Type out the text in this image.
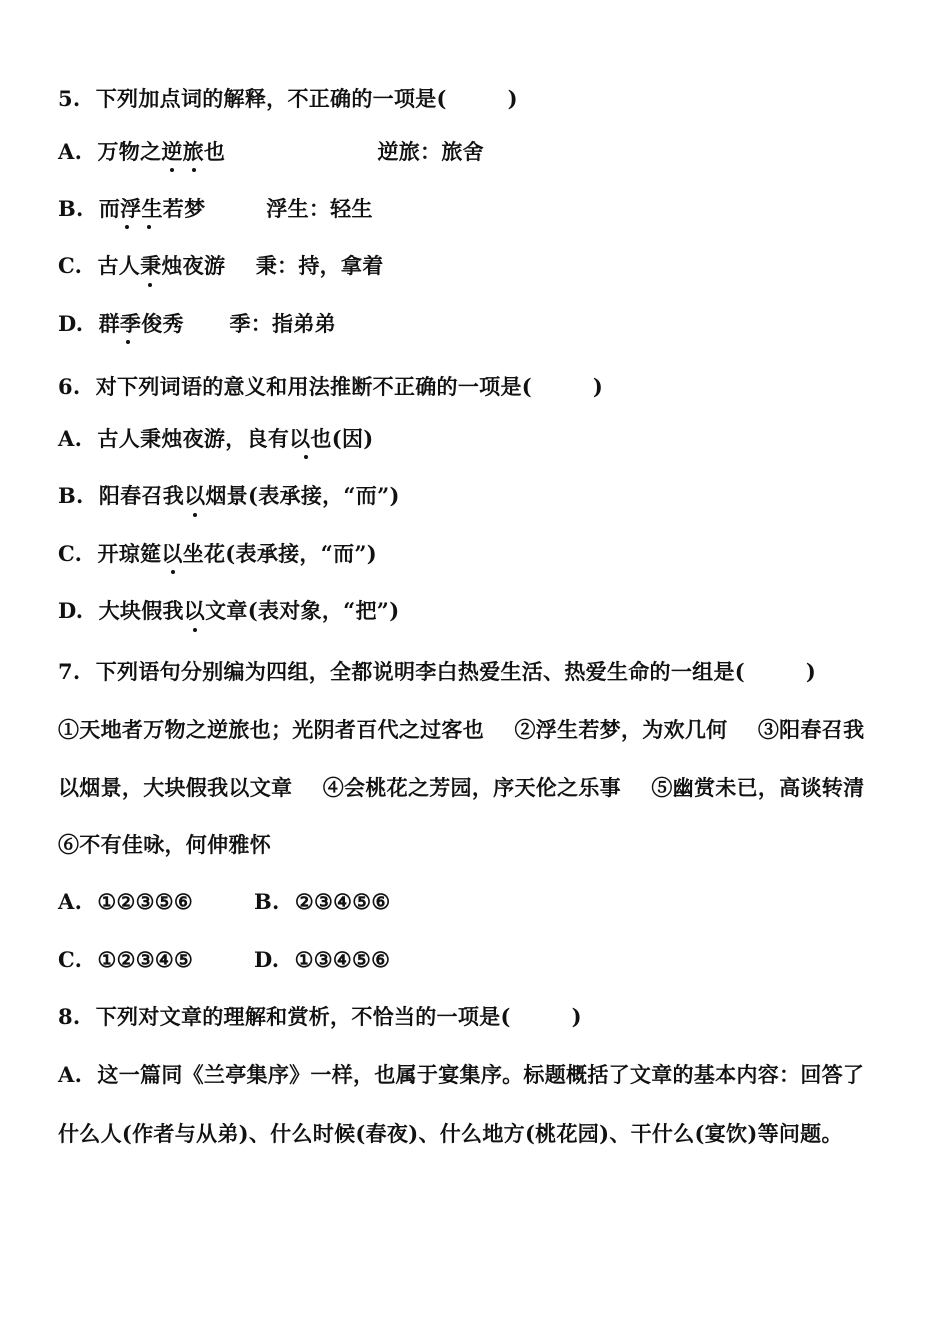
5.  下列加点词的解释，不正确的一项是(        )
A.  万物之逆旅也                    逆旅：旅舍
B.  而浮生若梦        浮生：轻生
C.  古人秉烛夜游    秉：持，拿着
D.  群季俊秀      季：指弟弟
6.  对下列词语的意义和用法推断不正确的一项是(        )
A.  古人秉烛夜游，良有以也(因)
B.  阳春召我以烟景(表承接，“而”)
C.  开琼筵以坐花(表承接，“而”)
D.  大块假我以文章(表对象，“把”)
7.  下列语句分别编为四组，全都说明李白热爱生活、热爱生命的一组是(        )
①天地者万物之逆旅也；光阴者百代之过客也    ②浮生若梦，为欢几何    ③阳春召我
以烟景，大块假我以文章    ④会桃花之芳园，序天伦之乐事    ⑤幽赏未已，高谈转清
⑥不有佳咏，何伸雅怀
A.  ①②③⑤⑥        B.  ②③④⑤⑥
C.  ①②③④⑤        D.  ①③④⑤⑥
8.  下列对文章的理解和赏析，不恰当的一项是(        )
A.  这一篇同《兰亭集序》一样，也属于宴集序。标题概括了文章的基本内容：回答了
什么人(作者与从弟)、什么时候(春夜)、什么地方(桃花园)、干什么(宴饮)等问题。
